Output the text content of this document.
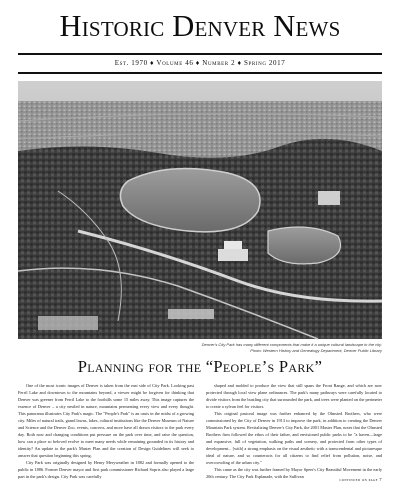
Historic Denver News
Est. 1970 ♦ Volume 46 ♦ Number 2 ♦ Spring 2017
Denver's City Park has many different components that make it a unique cultural landscape in the city.
Photo: Western History and Genealogy Department, Denver Public Library
Planning for the “People’s Park”

One of the most iconic images of Denver is taken from the east side of City Park. Looking past Ferril Lake and downtown to the mountains beyond, a viewer might be forgiven for thinking that Denver was greener from Ferril Lake to the foothills some 15 miles away. This image captures the essence of Denver – a city nestled in nature, mountains permeating every view and every thought. This panorama illustrates City Park's magic. The "People's Park" is an oasis in the midst of a growing city. Miles of natural trails, grand lawns, lakes, cultural institutions like the Denver Museum of Nature and Science and the Denver Zoo, events, concerts, and more have all drawn visitors to the park every day. Both now and changing conditions put pressure on the park over time, and raise the question, how can a place so beloved evolve to meet many needs while remaining grounded in its history and identity? An update to the park's Master Plan and the creation of Design Guidelines will seek to answer that question beginning this spring.

City Park was originally designed by Henry Meryweather in 1882 and formally opened to the public in 1886. Former Denver mayor and first park commissioner Richard Sopris also played a large part in the park's design. City Park was carefully

shaped and molded to produce the view that still spans the Front Range, and which are now protected through local view plane ordinances. The park's many pathways were carefully located to divide visitors from the bustling city that surrounded the park, and trees were planted on the perimeter to create a sylvan feel for visitors.

This original pastoral image was further enhanced by the Olmsted Brothers, who were commissioned by the City of Denver in 1913 to improve the park, in addition to creating the Denver Mountain Park system. Revitalizing Denver's City Park, the 2001 Master Plan, notes that the Olmsted Brothers firm followed the ethos of their father, and envisioned public parks to be "a haven—large and expansive, full of vegetation, walking paths and scenery, and protected from other types of development... [with] a strong emphasis on the visual aesthetic with a transcendental and picturesque ideal of nature, and so counteracts for all citizens to find relief from pollution, noise, and overcrowding of the urban city."

This came as the city was further framed by Mayor Speer's City Beautiful Movement in the early 20th century. The City Park Esplanade, with the Sullivan

continued on page 7
